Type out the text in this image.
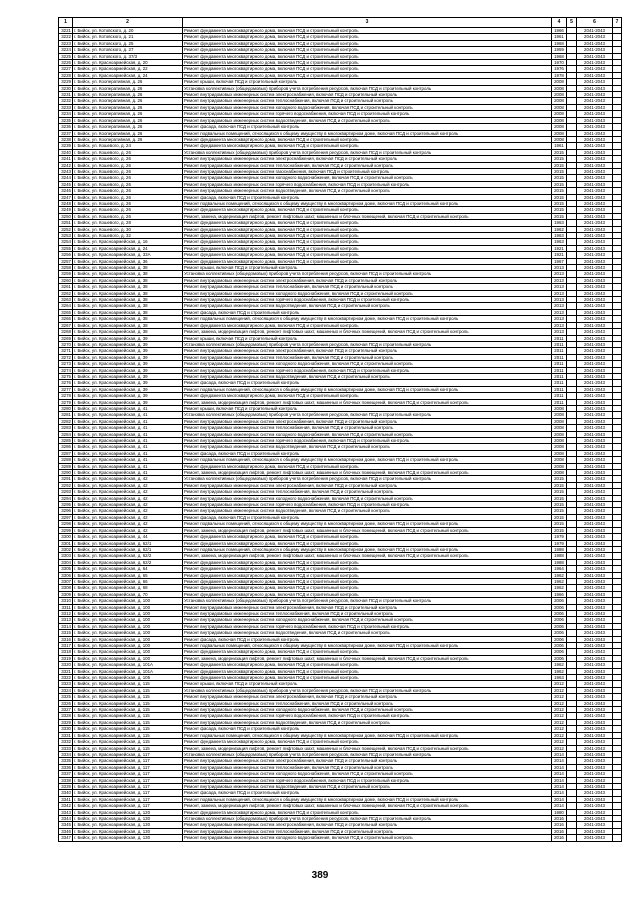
1	2	3	4	5	6	7
3221	г. Бийск, ул. Котовского, д. 20	Ремонт фундамента многоквартирного дома, включая ПСД и строительный контроль	1966		2041-2043	
3222	г. Бийск, ул. Котовского, д. 21	Ремонт фундамента многоквартирного дома, включая ПСД и строительный контроль	1961		2041-2043	
3223	г. Бийск, ул. Котовского, д. 25	Ремонт фундамента многоквартирного дома, включая ПСД и строительный контроль	1968		2041-2043	
3224	г. Бийск, ул. Котовского, д. 27	Ремонт фундамента многоквартирного дома, включая ПСД и строительный контроль	1959		2041-2043	
3225	г. Бийск, ул. Котовского, д. 37/3	Ремонт фундамента многоквартирного дома, включая ПСД и строительный контроль	1968		2041-2043	
3226	г. Бийск, ул. Красноармейская, д. 20	Ремонт фундамента многоквартирного дома, включая ПСД и строительный контроль	1970		2041-2043	
3227	г. Бийск, ул. Красноармейская, д. 22	Ремонт фундамента многоквартирного дома, включая ПСД и строительный контроль	1976		2041-2043	
3228	г. Бийск, ул. Красноармейская, д. 24	Ремонт фундамента многоквартирного дома, включая ПСД и строительный контроль	1978		2041-2043	
3229	г. Бийск, ул. Кооперативная, д. 26	Ремонт крыши, включая ПСД и строительный контроль	2008		2041-2043	
3230	г. Бийск, ул. Кооперативная, д. 26	Установка коллективных (общедомовых) приборов учета потребления ресурсов, включая ПСД и строительный контроль	2008		2041-2043	
3231	г. Бийск, ул. Кооперативная, д. 26	Ремонт внутридомовых инженерных систем электроснабжения, включая ПСД и строительный контроль	2008		2041-2043	
3232	г. Бийск, ул. Кооперативная, д. 26	Ремонт внутридомовых инженерных систем теплоснабжения, включая ПСД и строительный контроль	2008		2041-2043	
3233	г. Бийск, ул. Кооперативная, д. 26	Ремонт внутридомовых инженерных систем холодного водоснабжения, включая ПСД и строительный контроль	2008		2041-2043	
3234	г. Бийск, ул. Кооперативная, д. 26	Ремонт внутридомовых инженерных систем горячего водоснабжения, включая ПСД и строительный контроль	2008		2041-2043	
3235	г. Бийск, ул. Кооперативная, д. 26	Ремонт внутридомовых инженерных систем водоотведения, включая ПСД и строительный контроль	2008		2041-2043	
3236	г. Бийск, ул. Кооперативная, д. 26	Ремонт фасада, включая ПСД и строительный контроль	2008		2041-2043	
3237	г. Бийск, ул. Кооперативная, д. 26	Ремонт подвальных помещений, относящихся к общему имуществу в многоквартирном доме, включая ПСД и строительный контроль	2008		2041-2043	
3238	г. Бийск, ул. Кооперативная, д. 26	Ремонт фундамента многоквартирного дома, включая ПСД и строительный контроль	2008		2041-2043	
3239	г. Бийск, ул. Кошевого, д. 24	Ремонт фундамента многоквартирного дома, включая ПСД и строительный контроль	1961		2041-2043	
3240	г. Бийск, ул. Кошевого, д. 26	Установка коллективных (общедомовых) приборов учета потребления ресурсов, включая ПСД и строительный контроль	2015		2041-2043	
3241	г. Бийск, ул. Кошевого, д. 26	Ремонт внутридомовых инженерных систем электроснабжения, включая ПСД и строительный контроль	2015		2041-2043	
3242	г. Бийск, ул. Кошевого, д. 26	Ремонт внутридомовых инженерных систем теплоснабжения, включая ПСД и строительный контроль	2015		2041-2043	
3243	г. Бийск, ул. Кошевого, д. 26	Ремонт внутридомовых инженерных систем газоснабжения, включая ПСД и строительный контроль	2015		2041-2043	
3244	г. Бийск, ул. Кошевого, д. 26	Ремонт внутридомовых инженерных систем холодного водоснабжения, включая ПСД и строительный контроль	2015		2041-2043	
3245	г. Бийск, ул. Кошевого, д. 26	Ремонт внутридомовых инженерных систем горячего водоснабжения, включая ПСД и строительный контроль	2015		2041-2043	
3246	г. Бийск, ул. Кошевого, д. 26	Ремонт внутридомовых инженерных систем водоотведения, включая ПСД и строительный контроль	2015		2041-2043	
3247	г. Бийск, ул. Кошевого, д. 26	Ремонт фасада, включая ПСД и строительный контроль	2015		2041-2043	
3248	г. Бийск, ул. Кошевого, д. 26	Ремонт подвальных помещений, относящихся к общему имуществу в многоквартирном доме, включая ПСД и строительный контроль	2015		2041-2043	
3249	г. Бийск, ул. Кошевого, д. 26	Ремонт фундамента многоквартирного дома, включая ПСД и строительный контроль	2015		2041-2043	
3250	г. Бийск, ул. Кошевого, д. 26	Ремонт, замена, модернизация лифтов, ремонт лифтовых шахт, машинных и блочных помещений, включая ПСД и строительный контроль	2015		2041-2043	
3251	г. Бийск, ул. Кошевого, д. 28	Ремонт фундамента многоквартирного дома, включая ПСД и строительный контроль	1963		2041-2043	
3252	г. Бийск, ул. Кошевого, д. 30	Ремонт фундамента многоквартирного дома, включая ПСД и строительный контроль	1962		2041-2043	
3253	г. Бийск, ул. Кошевого, д. 32	Ремонт фундамента многоквартирного дома, включая ПСД и строительный контроль	1963		2041-2043	
3254	г. Бийск, ул. Красноармейская, д. 16	Ремонт фундамента многоквартирного дома, включая ПСД и строительный контроль	1963		2041-2043	
3255	г. Бийск, ул. Красноармейская, д. 24	Ремонт фундамента многоквартирного дома, включая ПСД и строительный контроль	1921		2041-2043	
3256	г. Бийск, ул. Красноармейская, д. 33А	Ремонт фундамента многоквартирного дома, включая ПСД и строительный контроль	1921		2041-2043	
3257	г. Бийск, ул. Красноармейская, д. 36	Ремонт фундамента многоквартирного дома, включая ПСД и строительный контроль	1967		2041-2043	
3258	г. Бийск, ул. Красноармейская, д. 38	Ремонт крыши, включая ПСД и строительный контроль	2013		2041-2043	
3259	г. Бийск, ул. Красноармейская, д. 38	Установка коллективных (общедомовых) приборов учета потребления ресурсов, включая ПСД и строительный контроль	2013		2041-2043	
3260	г. Бийск, ул. Красноармейская, д. 38	Ремонт внутридомовых инженерных систем электроснабжения, включая ПСД и строительный контроль	2013		2041-2043	
3261	г. Бийск, ул. Красноармейская, д. 38	Ремонт внутридомовых инженерных систем теплоснабжения, включая ПСД и строительный контроль	2013		2041-2043	
3262	г. Бийск, ул. Красноармейская, д. 38	Ремонт внутридомовых инженерных систем холодного водоснабжения, включая ПСД и строительный контроль	2013		2041-2043	
3263	г. Бийск, ул. Красноармейская, д. 38	Ремонт внутридомовых инженерных систем горячего водоснабжения, включая ПСД и строительный контроль	2013		2041-2043	
3264	г. Бийск, ул. Красноармейская, д. 38	Ремонт внутридомовых инженерных систем водоотведения, включая ПСД и строительный контроль	2013		2041-2043	
3265	г. Бийск, ул. Красноармейская, д. 38	Ремонт фасада, включая ПСД и строительный контроль	2013		2041-2043	
3266	г. Бийск, ул. Красноармейская, д. 38	Ремонт подвальных помещений, относящихся к общему имуществу в многоквартирном доме, включая ПСД и строительный контроль	2013		2041-2043	
3267	г. Бийск, ул. Красноармейская, д. 38	Ремонт фундамента многоквартирного дома, включая ПСД и строительный контроль	2013		2041-2043	
3268	г. Бийск, ул. Красноармейская, д. 38	Ремонт, замена, модернизация лифтов, ремонт лифтовых шахт, машинных и блочных помещений, включая ПСД и строительный контроль	2013		2041-2043	
3269	г. Бийск, ул. Красноармейская, д. 39	Ремонт крыши, включая ПСД и строительный контроль	2011		2041-2043	
3270	г. Бийск, ул. Красноармейская, д. 39	Установка коллективных (общедомовых) приборов учета потребления ресурсов, включая ПСД и строительный контроль	2011		2041-2043	
3271	г. Бийск, ул. Красноармейская, д. 39	Ремонт внутридомовых инженерных систем электроснабжения, включая ПСД и строительный контроль	2011		2041-2043	
3272	г. Бийск, ул. Красноармейская, д. 39	Ремонт внутридомовых инженерных систем теплоснабжения, включая ПСД и строительный контроль	2011		2041-2043	
3273	г. Бийск, ул. Красноармейская, д. 39	Ремонт внутридомовых инженерных систем холодного водоснабжения, включая ПСД и строительный контроль	2011		2041-2043	
3274	г. Бийск, ул. Красноармейская, д. 39	Ремонт внутридомовых инженерных систем горячего водоснабжения, включая ПСД и строительный контроль	2011		2041-2043	
3275	г. Бийск, ул. Красноармейская, д. 39	Ремонт внутридомовых инженерных систем водоотведения, включая ПСД и строительный контроль	2011		2041-2043	
3276	г. Бийск, ул. Красноармейская, д. 39	Ремонт фасада, включая ПСД и строительный контроль	2011		2041-2043	
3277	г. Бийск, ул. Красноармейская, д. 39	Ремонт подвальных помещений, относящихся к общему имуществу в многоквартирном доме, включая ПСД и строительный контроль	2011		2041-2043	
3278	г. Бийск, ул. Красноармейская, д. 39	Ремонт фундамента многоквартирного дома, включая ПСД и строительный контроль	2011		2041-2043	
3279	г. Бийск, ул. Красноармейская, д. 39	Ремонт, замена, модернизация лифтов, ремонт лифтовых шахт, машинных и блочных помещений, включая ПСД и строительный контроль	2011		2041-2043	
3280	г. Бийск, ул. Красноармейская, д. 41	Ремонт крыши, включая ПСД и строительный контроль	2008		2041-2043	
3281	г. Бийск, ул. Красноармейская, д. 41	Установка коллективных (общедомовых) приборов учета потребления ресурсов, включая ПСД и строительный контроль	2008		2041-2043	
3282	г. Бийск, ул. Красноармейская, д. 41	Ремонт внутридомовых инженерных систем электроснабжения, включая ПСД и строительный контроль	2008		2041-2043	
3283	г. Бийск, ул. Красноармейская, д. 41	Ремонт внутридомовых инженерных систем теплоснабжения, включая ПСД и строительный контроль	2008		2041-2043	
3284	г. Бийск, ул. Красноармейская, д. 41	Ремонт внутридомовых инженерных систем холодного водоснабжения, включая ПСД и строительный контроль	2008		2041-2043	
3285	г. Бийск, ул. Красноармейская, д. 41	Ремонт внутридомовых инженерных систем горячего водоснабжения, включая ПСД и строительный контроль	2008		2041-2043	
3286	г. Бийск, ул. Красноармейская, д. 41	Ремонт внутридомовых инженерных систем водоотведения, включая ПСД и строительный контроль	2008		2041-2043	
3287	г. Бийск, ул. Красноармейская, д. 41	Ремонт фасада, включая ПСД и строительный контроль	2008		2041-2043	
3288	г. Бийск, ул. Красноармейская, д. 41	Ремонт подвальных помещений, относящихся к общему имуществу в многоквартирном доме, включая ПСД и строительный контроль	2008		2041-2043	
3289	г. Бийск, ул. Красноармейская, д. 41	Ремонт фундамента многоквартирного дома, включая ПСД и строительный контроль	2008		2041-2043	
3290	г. Бийск, ул. Красноармейская, д. 41	Ремонт, замена, модернизация лифтов, ремонт лифтовых шахт, машинных и блочных помещений, включая ПСД и строительный контроль	2008		2041-2043	
3291	г. Бийск, ул. Красноармейская, д. 42	Установка коллективных (общедомовых) приборов учета потребления ресурсов, включая ПСД и строительный контроль	2015		2041-2043	
3292	г. Бийск, ул. Красноармейская, д. 42	Ремонт внутридомовых инженерных систем электроснабжения, включая ПСД и строительный контроль	2015		2041-2043	
3293	г. Бийск, ул. Красноармейская, д. 42	Ремонт внутридомовых инженерных систем теплоснабжения, включая ПСД и строительный контроль	2015		2041-2043	
3294	г. Бийск, ул. Красноармейская, д. 42	Ремонт внутридомовых инженерных систем холодного водоснабжения, включая ПСД и строительный контроль	2015		2041-2043	
3295	г. Бийск, ул. Красноармейская, д. 42	Ремонт внутридомовых инженерных систем горячего водоснабжения, включая ПСД и строительный контроль	2015		2041-2043	
3296	г. Бийск, ул. Красноармейская, д. 42	Ремонт внутридомовых инженерных систем водоотведения, включая ПСД и строительный контроль	2015		2041-2043	
3297	г. Бийск, ул. Красноармейская, д. 42	Ремонт фасада, включая ПСД и строительный контроль	2015		2041-2043	
3298	г. Бийск, ул. Красноармейская, д. 42	Ремонт подвальных помещений, относящихся к общему имуществу в многоквартирном доме, включая ПСД и строительный контроль	2015		2041-2043	
3299	г. Бийск, ул. Красноармейская, д. 42	Ремонт, замена, модернизация лифтов, ремонт лифтовых шахт, машинных и блочных помещений, включая ПСД и строительный контроль	2015		2041-2043	
3300	г. Бийск, ул. Красноармейская, д. 44	Ремонт фундамента многоквартирного дома, включая ПСД и строительный контроль	1979		2041-2043	
3301	г. Бийск, ул. Красноармейская, д. 62/1	Ремонт фундамента многоквартирного дома, включая ПСД и строительный контроль	1979		2041-2043	
3302	г. Бийск, ул. Красноармейская, д. 62/1	Ремонт подвальных помещений, относящихся к общему имуществу в многоквартирном доме, включая ПСД и строительный контроль	1988		2041-2043	
3303	г. Бийск, ул. Красноармейская, д. 62/2	Ремонт, замена, модернизация лифтов, ремонт лифтовых шахт, машинных и блочных помещений, включая ПСД и строительный контроль	1988		2041-2043	
3304	г. Бийск, ул. Красноармейская, д. 62/2	Ремонт фундамента многоквартирного дома, включая ПСД и строительный контроль	1988		2041-2043	
3305	г. Бийск, ул. Красноармейская, д. 64	Ремонт фундамента многоквартирного дома, включая ПСД и строительный контроль	1964		2041-2043	
3306	г. Бийск, ул. Красноармейская, д. 65	Ремонт фундамента многоквартирного дома, включая ПСД и строительный контроль	1962		2041-2043	
3307	г. Бийск, ул. Красноармейская, д. 66	Ремонт фундамента многоквартирного дома, включая ПСД и строительный контроль	1962		2041-2043	
3308	г. Бийск, ул. Красноармейская, д. 68	Ремонт фундамента многоквартирного дома, включая ПСД и строительный контроль	1962		2041-2043	
3309	г. Бийск, ул. Красноармейская, д. 70	Ремонт фундамента многоквартирного дома, включая ПСД и строительный контроль	1966		2041-2043	
3310	г. Бийск, ул. Красноармейская, д. 100	Установка коллективных (общедомовых) приборов учета потребления ресурсов, включая ПСД и строительный контроль	2006		2041-2043	
3311	г. Бийск, ул. Красноармейская, д. 100	Ремонт внутридомовых инженерных систем электроснабжения, включая ПСД и строительный контроль	2006		2041-2043	
3312	г. Бийск, ул. Красноармейская, д. 100	Ремонт внутридомовых инженерных систем теплоснабжения, включая ПСД и строительный контроль	2006		2041-2043	
3313	г. Бийск, ул. Красноармейская, д. 100	Ремонт внутридомовых инженерных систем холодного водоснабжения, включая ПСД и строительный контроль	2006		2041-2043	
3314	г. Бийск, ул. Красноармейская, д. 100	Ремонт внутридомовых инженерных систем горячего водоснабжения, включая ПСД и строительный контроль	2006		2041-2043	
3315	г. Бийск, ул. Красноармейская, д. 100	Ремонт внутридомовых инженерных систем водоотведения, включая ПСД и строительный контроль	2006		2041-2043	
3316	г. Бийск, ул. Красноармейская, д. 100	Ремонт фасада, включая ПСД и строительный контроль	2006		2041-2043	
3317	г. Бийск, ул. Красноармейская, д. 100	Ремонт подвальных помещений, относящихся к общему имуществу в многоквартирном доме, включая ПСД и строительный контроль	2006		2041-2043	
3318	г. Бийск, ул. Красноармейская, д. 100	Ремонт фундамента многоквартирного дома, включая ПСД и строительный контроль	2006		2041-2043	
3319	г. Бийск, ул. Красноармейская, д. 100	Ремонт, замена, модернизация лифтов, ремонт лифтовых шахт, машинных и блочных помещений, включая ПСД и строительный контроль	2006		2041-2043	
3320	г. Бийск, ул. Красноармейская, д. 101А	Ремонт фундамента многоквартирного дома, включая ПСД и строительный контроль	1962		2041-2043	
3321	г. Бийск, ул. Красноармейская, д. 101А	Ремонт фундамента многоквартирного дома, включая ПСД и строительный контроль	1962		2041-2043	
3322	г. Бийск, ул. Красноармейская, д. 105	Ремонт фундамента многоквартирного дома, включая ПСД и строительный контроль	1963		2041-2043	
3323	г. Бийск, ул. Красноармейская, д. 115	Ремонт крыши, включая ПСД и строительный контроль	2012		2041-2043	
3324	г. Бийск, ул. Красноармейская, д. 115	Установка коллективных (общедомовых) приборов учета потребления ресурсов, включая ПСД и строительный контроль	2012		2041-2043	
3325	г. Бийск, ул. Красноармейская, д. 115	Ремонт внутридомовых инженерных систем электроснабжения, включая ПСД и строительный контроль	2012		2041-2043	
3326	г. Бийск, ул. Красноармейская, д. 115	Ремонт внутридомовых инженерных систем теплоснабжения, включая ПСД и строительный контроль	2012		2041-2043	
3327	г. Бийск, ул. Красноармейская, д. 115	Ремонт внутридомовых инженерных систем холодного водоснабжения, включая ПСД и строительный контроль	2012		2041-2043	
3328	г. Бийск, ул. Красноармейская, д. 115	Ремонт внутридомовых инженерных систем горячего водоснабжения, включая ПСД и строительный контроль	2012		2041-2043	
3329	г. Бийск, ул. Красноармейская, д. 115	Ремонт внутридомовых инженерных систем водоотведения, включая ПСД и строительный контроль	2012		2041-2043	
3330	г. Бийск, ул. Красноармейская, д. 115	Ремонт фасада, включая ПСД и строительный контроль	2012		2041-2043	
3331	г. Бийск, ул. Красноармейская, д. 115	Ремонт подвальных помещений, относящихся к общему имуществу в многоквартирном доме, включая ПСД и строительный контроль	2012		2041-2043	
3332	г. Бийск, ул. Красноармейская, д. 115	Ремонт фундамента многоквартирного дома, включая ПСД и строительный контроль	2012		2041-2043	
3333	г. Бийск, ул. Красноармейская, д. 115	Ремонт, замена, модернизация лифтов, ремонт лифтовых шахт, машинных и блочных помещений, включая ПСД и строительный контроль	2012		2041-2043	
3334	г. Бийск, ул. Красноармейская, д. 117	Установка коллективных (общедомовых) приборов учета потребления ресурсов, включая ПСД и строительный контроль	2014		2041-2043	
3335	г. Бийск, ул. Красноармейская, д. 117	Ремонт внутридомовых инженерных систем электроснабжения, включая ПСД и строительный контроль	2014		2041-2043	
3336	г. Бийск, ул. Красноармейская, д. 117	Ремонт внутридомовых инженерных систем теплоснабжения, включая ПСД и строительный контроль	2014		2041-2043	
3337	г. Бийск, ул. Красноармейская, д. 117	Ремонт внутридомовых инженерных систем холодного водоснабжения, включая ПСД и строительный контроль	2014		2041-2043	
3338	г. Бийск, ул. Красноармейская, д. 117	Ремонт внутридомовых инженерных систем горячего водоснабжения, включая ПСД и строительный контроль	2014		2041-2043	
3339	г. Бийск, ул. Красноармейская, д. 117	Ремонт внутридомовых инженерных систем водоотведения, включая ПСД и строительный контроль	2014		2041-2043	
3340	г. Бийск, ул. Красноармейская, д. 117	Ремонт фасада, включая ПСД и строительный контроль	2014		2041-2043	
3341	г. Бийск, ул. Красноармейская, д. 117	Ремонт подвальных помещений, относящихся к общему имуществу в многоквартирном доме, включая ПСД и строительный контроль	2014		2041-2043	
3342	г. Бийск, ул. Красноармейская, д. 117	Ремонт, замена, модернизация лифтов, ремонт лифтовых шахт, машинных и блочных помещений, включая ПСД и строительный контроль	2014		2041-2043	
3343	г. Бийск, ул. Красноармейская, д. 120	Ремонт фундамента многоквартирного дома, включая ПСД и строительный контроль	1980		2041-2043	
3344	г. Бийск, ул. Красноармейская, д. 130	Установка коллективных (общедомовых) приборов учета потребления ресурсов, включая ПСД и строительный контроль	2016		2041-2043	
3345	г. Бийск, ул. Красноармейская, д. 130	Ремонт внутридомовых инженерных систем электроснабжения, включая ПСД и строительный контроль	2016		2041-2043	
3346	г. Бийск, ул. Красноармейская, д. 130	Ремонт внутридомовых инженерных систем теплоснабжения, включая ПСД и строительный контроль	2016		2041-2043	
3347	г. Бийск, ул. Красноармейская, д. 130	Ремонт внутридомовых инженерных систем холодного водоснабжения, включая ПСД и строительный контроль	2016		2041-2043	
389
